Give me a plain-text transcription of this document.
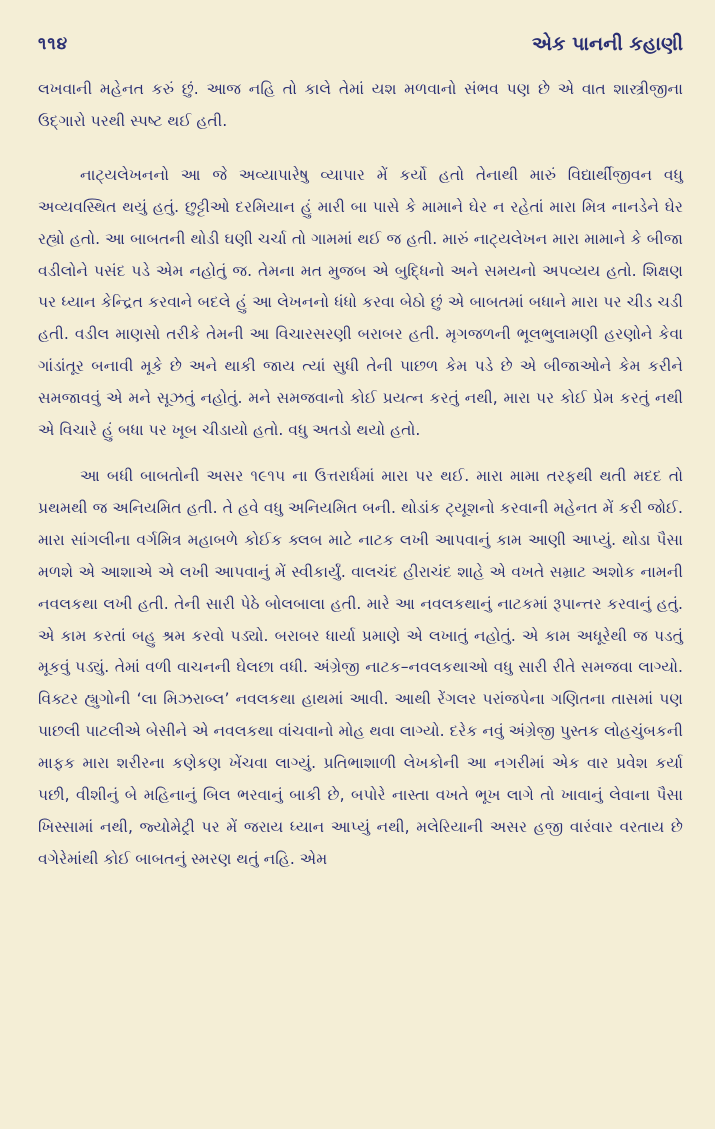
૧૧૪	એક પાનની કહાણી

લખવાની મહેનત કરું છું. આજ નહિ તો કાલે તેમાં યશ મળવાનો સંભવ પણ છે એ વાત શાસ્ત્રીજીના ઉદ્ગારો પરથી સ્પષ્ટ થઈ હતી.

નાટ્યલેખનનો આ જે અવ્યાપારેષુ વ્યાપાર મેં કર્યો હતો તેનાથી મારું વિદ્યાર્થીજીવન વધુ અવ્યવસ્થિત થયું હતું. છુટ્ટીઓ દરમિયાન હું મારી બા પાસે કે મામાને ઘેર ન રહેતાં મારા મિત્ર નાનડેને ઘેર રહ્યો હતો. આ બાબતની થોડી ઘણી ચર્ચા તો ગામમાં થઈ જ હતી. મારું નાટ્યલેખન મારા મામાને કે બીજા વડીલોને પસંદ પડે એમ નહોતું જ. તેમના મત મુજબ એ બુદ્ધિનો અને સમયનો અપવ્યય હતો. શિક્ષણ પર ધ્યાન કેન્દ્રિત કરવાને બદલે હું આ લેખનનો ધંધો કરવા બેઠો છું એ બાબતમાં બધાને મારા પર ચીડ ચડી હતી. વડીલ માણસો તરીકે તેમની આ વિચારસરણી બરાબર હતી. મૃગજળની ભૂલભુલામણી હરણોને કેવા ગાંડાંતૂર બનાવી મૂકે છે અને થાકી જાય ત્યાં સુધી તેની પાછળ કેમ પડે છે એ બીજાઓને કેમ કરીને સમજાવવું એ મને સૂઝતું નહોતું. મને સમજવાનો કોઈ પ્રયત્ન કરતું નથી, મારા પર કોઈ પ્રેમ કરતું નથી એ વિચારે હું બધા પર ખૂબ ચીડાયો હતો. વધુ અતડો થયો હતો.

આ બધી બાબતોની અસર ૧૯૧૫ ના ઉત્તરાર્ધમાં મારા પર થઈ. મારા મામા તરફથી થતી મદદ તો પ્રથમથી જ અનિયમિત હતી. તે હવે વધુ અનિયમિત બની. થોડાંક ટ્યૂશનો કરવાની મહેનત મેં કરી જોઈ. મારા સાંગલીના વર્ગમિત્ર મહાબળે કોઈક ક્લબ માટે નાટક લખી આપવાનું કામ આણી આપ્યું. થોડા પૈસા મળશે એ આશાએ એ લખી આપવાનું મેં સ્વીકાર્યું. વાલચંદ હીરાચંદ શાહે એ વખતે સમ્રાટ અશોક નામની નવલકથા લખી હતી. તેની સારી પેઠે બોલબાલા હતી. મારે આ નવલકથાનું નાટકમાં રૂપાન્તર કરવાનું હતું. એ કામ કરતાં બહુ શ્રમ કરવો પડ્યો. બરાબર ધાર્યા પ્રમાણે એ લખાતું નહોતું. એ કામ અધૂરેથી જ પડતું મૂકવું પડ્યું. તેમાં વળી વાચનની ઘેલછા વધી. અંગ્રેજી નાટક–નવલકથાઓ વધુ સારી રીતે સમજવા લાગ્યો. વિક્ટર હ્યુગોની ‘લા મિઝરાબ્લ’ નવલકથા હાથમાં આવી. આથી રેંગલર પરાંજપેના ગણિતના તાસમાં પણ પાછલી પાટલીએ બેસીને એ નવલકથા વાંચવાનો મોહ થવા લાગ્યો. દરેક નવું અંગ્રેજી પુસ્તક લોહચુંબકની માફક મારા શરીરના કણેકણ ખેંચવા લાગ્યું. પ્રતિભાશાળી લેખકોની આ નગરીમાં એક વાર પ્રવેશ કર્યા પછી, વીશીનું બે મહિનાનું બિલ ભરવાનું બાકી છે, બપોરે નાસ્તા વખતે ભૂખ લાગે તો ખાવાનું લેવાના પૈસા ખિસ્સામાં નથી, જ્યોમેટ્રી પર મેં જરાય ધ્યાન આપ્યું નથી, મલેરિયાની અસર હજી વારંવાર વરતાય છે વગેરેમાંથી કોઈ બાબતનું સ્મરણ થતું નહિ. એમ
